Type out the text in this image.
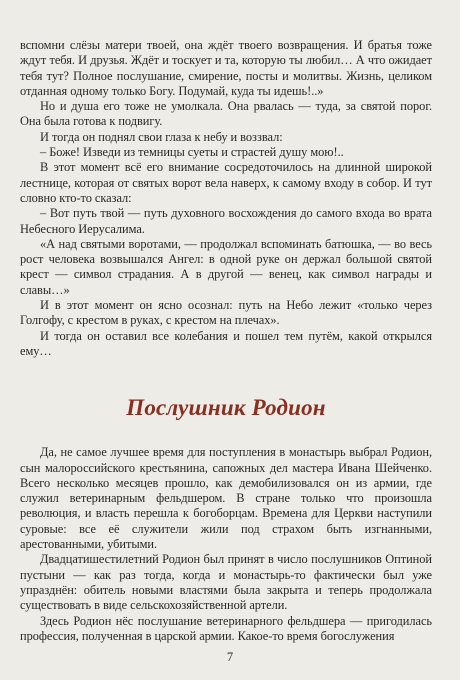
вспомни слёзы матери твоей, она ждёт твоего возвращения. И братья тоже ждут тебя. И друзья. Ждёт и тоскует и та, которую ты любил… А что ожидает тебя тут? Полное послушание, смирение, посты и молитвы. Жизнь, целиком отданная одному только Богу. Подумай, куда ты идешь!..»

Но и душа его тоже не умолкала. Она рвалась — туда, за святой порог. Она была готова к подвигу.

И тогда он поднял свои глаза к небу и воззвал:

– Боже! Изведи из темницы суеты и страстей душу мою!..

В этот момент всё его внимание сосредоточилось на длинной широкой лестнице, которая от святых ворот вела наверх, к самому входу в собор. И тут словно кто-то сказал:

– Вот путь твой — путь духовного восхождения до самого входа во врата Небесного Иерусалима.

«А над святыми воротами, — продолжал вспоминать батюшка, — во весь рост человека возвышался Ангел: в одной руке он держал большой святой крест — символ страдания. А в другой — венец, как символ награды и славы…»

И в этот момент он ясно осознал: путь на Небо лежит «только через Голгофу, с крестом в руках, с крестом на плечах».

И тогда он оставил все колебания и пошел тем путём, какой открылся ему…

Послушник Родион

Да, не самое лучшее время для поступления в монастырь выбрал Родион, сын малороссийского крестьянина, сапожных дел мастера Ивана Шейченко. Всего несколько месяцев прошло, как демобилизовался он из армии, где служил ветеринарным фельдшером. В стране только что произошла революция, и власть перешла к богоборцам. Времена для Церкви наступили суровые: все её служители жили под страхом быть изгнанными, арестованными, убитыми.

Двадцатишестилетний Родион был принят в число послушников Оптиной пустыни — как раз тогда, когда и монастырь-то фактически был уже упразднён: обитель новыми властями была закрыта и теперь продолжала существовать в виде сельскохозяйственной артели.

Здесь Родион нёс послушание ветеринарного фельдшера — пригодилась профессия, полученная в царской армии. Какое-то время богослужения

7
